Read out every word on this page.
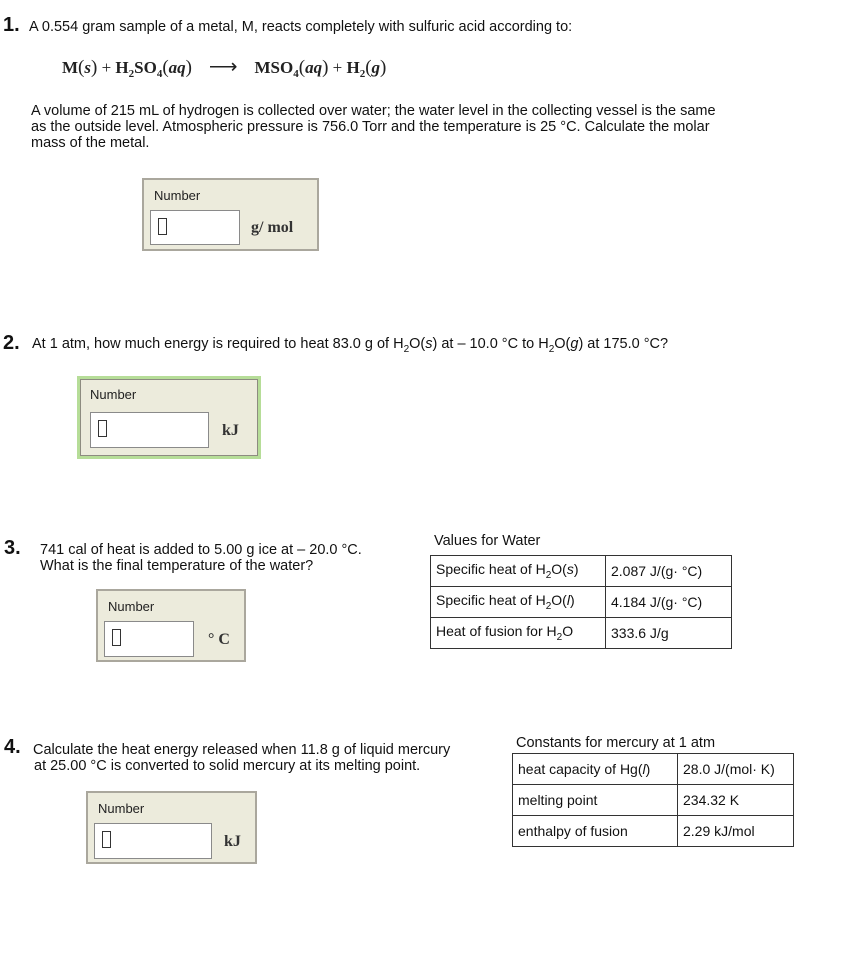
1. A 0.554 gram sample of a metal, M, reacts completely with sulfuric acid according to:
$M(s) + H_2SO_4(aq)$ ⟶ $MSO_4(aq) + H_2(g)$
A volume of 215 mL of hydrogen is collected over water; the water level in the collecting vessel is the same
as the outside level. Atmospheric pressure is 756.0 Torr and the temperature is 25 °C. Calculate the molar
mass of the metal.
Number
g/ mol
2. At 1 atm, how much energy is required to heat 83.0 g of $H_2O(s)$ at – 10.0 °C to $H_2O(g)$ at 175.0 °C?
Number
kJ
3. 741 cal of heat is added to 5.00 g ice at – 20.0 °C.
What is the final temperature of the water?
Number
° C
Values for Water
Specific heat of $H_2O(s)$	2.087 J/(g· °C)
Specific heat of $H_2O(l)$	4.184 J/(g· °C)
Heat of fusion for $H_2O$	333.6 J/g
4. Calculate the heat energy released when 11.8 g of liquid mercury
at 25.00 °C is converted to solid mercury at its melting point.
Number
kJ
Constants for mercury at 1 atm
heat capacity of Hg(l)	28.0 J/(mol· K)
melting point	234.32 K
enthalpy of fusion	2.29 kJ/mol
